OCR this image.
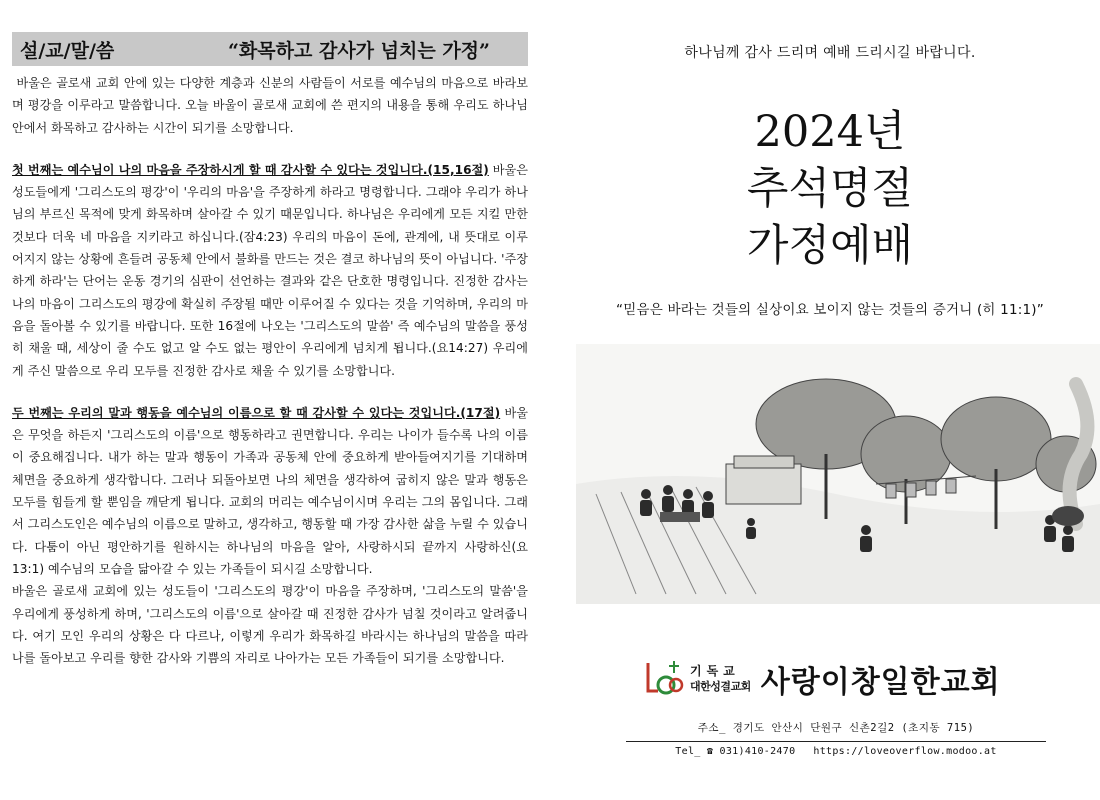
설/교/말/씀	“화목하고 감사가 넘치는 가정”

바울은 골로새 교회 안에 있는 다양한 계층과 신분의 사람들이 서로를 예수님의 마음으로 바라보며 평강을 이루라고 말씀합니다. 오늘 바울이 골로새 교회에 쓴 편지의 내용을 통해 우리도 하나님 안에서 화목하고 감사하는 시간이 되기를 소망합니다.

첫 번째는 예수님이 나의 마음을 주장하시게 할 때 감사할 수 있다는 것입니다.(15,16절) 바울은 성도들에게 '그리스도의 평강'이 '우리의 마음'을 주장하게 하라고 명령합니다. 그래야 우리가 하나님의 부르신 목적에 맞게 화목하며 살아갈 수 있기 때문입니다. 하나님은 우리에게 모든 지킬 만한 것보다 더욱 네 마음을 지키라고 하십니다.(잠4:23) 우리의 마음이 돈에, 관계에, 내 뜻대로 이루어지지 않는 상황에 흔들려 공동체 안에서 불화를 만드는 것은 결코 하나님의 뜻이 아닙니다. '주장하게 하라'는 단어는 운동 경기의 심판이 선언하는 결과와 같은 단호한 명령입니다. 진정한 감사는 나의 마음이 그리스도의 평강에 확실히 주장될 때만 이루어질 수 있다는 것을 기억하며, 우리의 마음을 돌아볼 수 있기를 바랍니다. 또한 16절에 나오는 '그리스도의 말씀' 즉 예수님의 말씀을 풍성히 채울 때, 세상이 줄 수도 없고 알 수도 없는 평안이 우리에게 넘치게 됩니다.(요14:27) 우리에게 주신 말씀으로 우리 모두를 진정한 감사로 채울 수 있기를 소망합니다.

두 번째는 우리의 말과 행동을 예수님의 이름으로 할 때 감사할 수 있다는 것입니다.(17절) 바울은 무엇을 하든지 '그리스도의 이름'으로 행동하라고 권면합니다. 우리는 나이가 들수록 나의 이름이 중요해집니다. 내가 하는 말과 행동이 가족과 공동체 안에 중요하게 받아들여지기를 기대하며 체면을 중요하게 생각합니다. 그러나 되돌아보면 나의 체면을 생각하여 굽히지 않은 말과 행동은 모두를 힘들게 할 뿐임을 깨닫게 됩니다. 교회의 머리는 예수님이시며 우리는 그의 몸입니다. 그래서 그리스도인은 예수님의 이름으로 말하고, 생각하고, 행동할 때 가장 감사한 삶을 누릴 수 있습니다. 다툼이 아닌 평안하기를 원하시는 하나님의 마음을 알아, 사랑하시되 끝까지 사랑하신(요 13:1) 예수님의 모습을 닮아갈 수 있는 가족들이 되시길 소망합니다.

바울은 골로새 교회에 있는 성도들이 '그리스도의 평강'이 마음을 주장하며, '그리스도의 말씀'을 우리에게 풍성하게 하며, '그리스도의 이름'으로 살아갈 때 진정한 감사가 넘칠 것이라고 알려줍니다. 여기 모인 우리의 상황은 다 다르나, 이렇게 우리가 화목하길 바라시는 하나님의 말씀을 따라 나를 돌아보고 우리를 향한 감사와 기쁨의 자리로 나아가는 모든 가족들이 되기를 소망합니다.

하나님께 감사 드리며 예배 드리시길 바랍니다.
2024년
추석명절
가정예배
“믿음은 바라는 것들의 실상이요 보이지 않는 것들의 증거니 (히 11:1)”
기독교
대한성결교회 사랑이창일한교회
주소_ 경기도 안산시 단원구 신촌2길2 (초지동 715)
Tel_ ☎ 031)410-2470 https://loveoverflow.modoo.at
